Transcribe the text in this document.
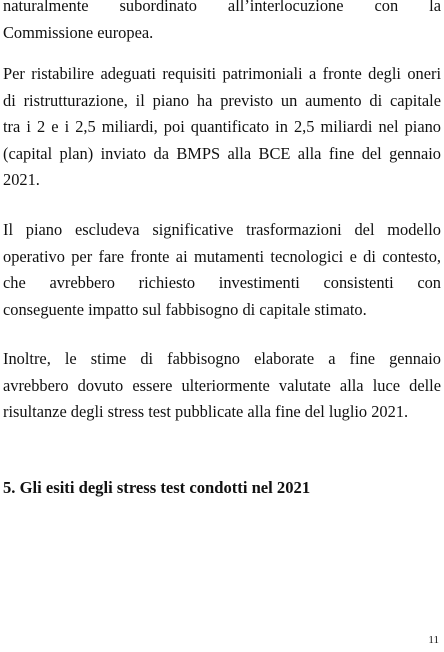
naturalmente subordinato all’interlocuzione con la
Commissione europea.
Per ristabilire adeguati requisiti patrimoniali a fronte degli oneri
di ristrutturazione, il piano ha previsto un aumento di capitale
tra i 2 e i 2,5 miliardi, poi quantificato in 2,5 miliardi nel piano
(capital plan) inviato da BMPS alla BCE alla fine del gennaio
2021.
Il piano escludeva significative trasformazioni del modello
operativo per fare fronte ai mutamenti tecnologici e di contesto,
che avrebbero richiesto investimenti consistenti con
conseguente impatto sul fabbisogno di capitale stimato.
Inoltre, le stime di fabbisogno elaborate a fine gennaio
avrebbero dovuto essere ulteriormente valutate alla luce delle
risultanze degli stress test pubblicate alla fine del luglio 2021.
5. Gli esiti degli stress test condotti nel 2021
11
